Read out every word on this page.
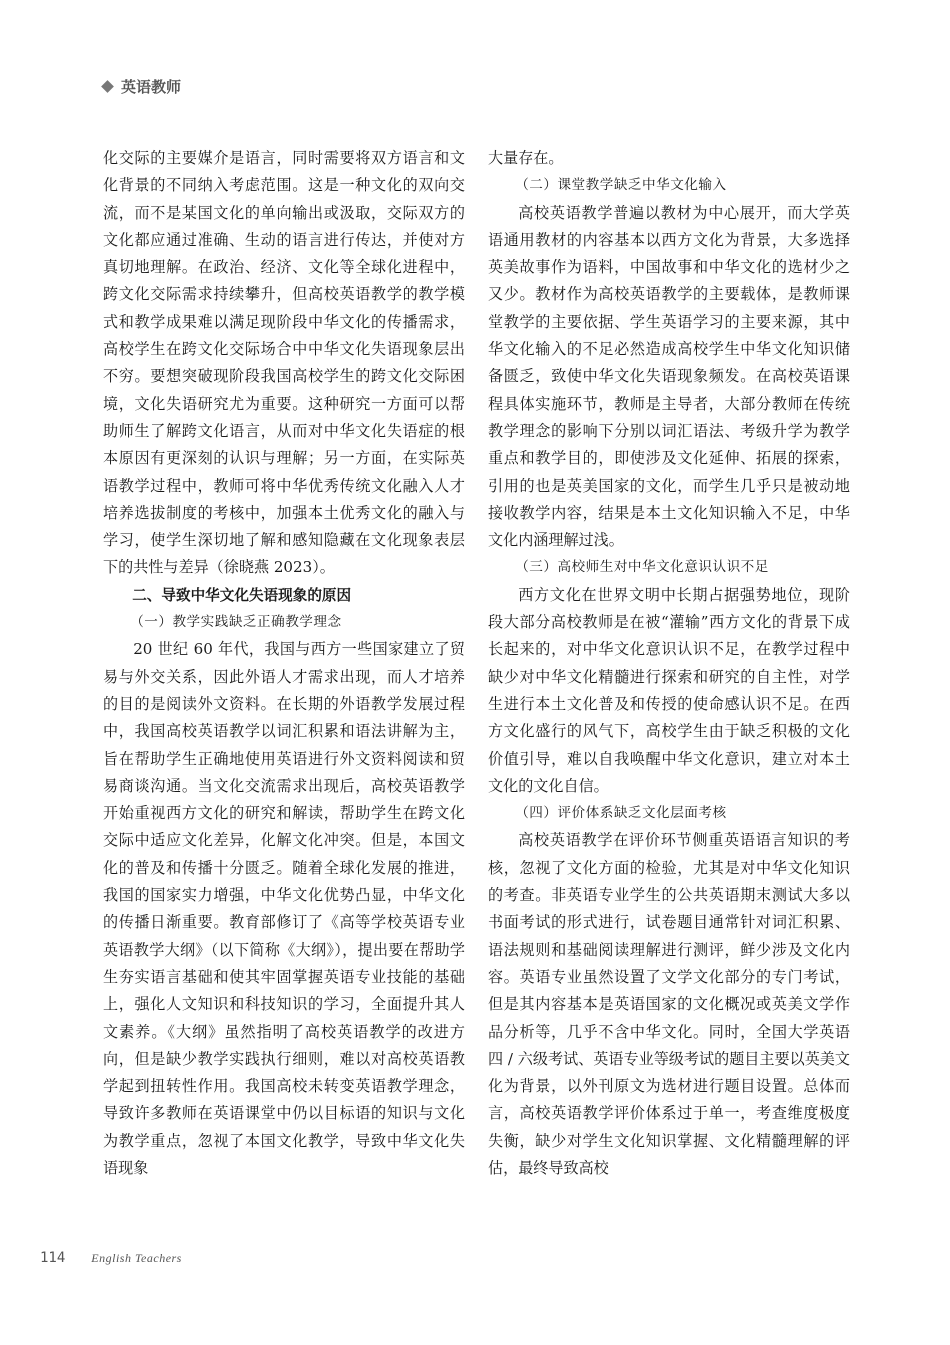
英语教师

化交际的主要媒介是语言，同时需要将双方语言和文化背景的不同纳入考虑范围。这是一种文化的双向交流，而不是某国文化的单向输出或汲取，交际双方的文化都应通过准确、生动的语言进行传达，并使对方真切地理解。在政治、经济、文化等全球化进程中，跨文化交际需求持续攀升，但高校英语教学的教学模式和教学成果难以满足现阶段中华文化的传播需求，高校学生在跨文化交际场合中中华文化失语现象层出不穷。要想突破现阶段我国高校学生的跨文化交际困境，文化失语研究尤为重要。这种研究一方面可以帮助师生了解跨文化语言，从而对中华文化失语症的根本原因有更深刻的认识与理解；另一方面，在实际英语教学过程中，教师可将中华优秀传统文化融入人才培养选拔制度的考核中，加强本土优秀文化的融入与学习，使学生深切地了解和感知隐藏在文化现象表层下的共性与差异（徐晓燕 2023）。

二、导致中华文化失语现象的原因

（一）教学实践缺乏正确教学理念

20 世纪 60 年代，我国与西方一些国家建立了贸易与外交关系，因此外语人才需求出现，而人才培养的目的是阅读外文资料。在长期的外语教学发展过程中，我国高校英语教学以词汇积累和语法讲解为主，旨在帮助学生正确地使用英语进行外文资料阅读和贸易商谈沟通。当文化交流需求出现后，高校英语教学开始重视西方文化的研究和解读，帮助学生在跨文化交际中适应文化差异，化解文化冲突。但是，本国文化的普及和传播十分匮乏。随着全球化发展的推进，我国的国家实力增强，中华文化优势凸显，中华文化的传播日渐重要。教育部修订了《高等学校英语专业英语教学大纲》（以下简称《大纲》），提出要在帮助学生夯实语言基础和使其牢固掌握英语专业技能的基础上，强化人文知识和科技知识的学习，全面提升其人文素养。《大纲》虽然指明了高校英语教学的改进方向，但是缺少教学实践执行细则，难以对高校英语教学起到扭转性作用。我国高校未转变英语教学理念，导致许多教师在英语课堂中仍以目标语的知识与文化为教学重点，忽视了本国文化教学，导致中华文化失语现象

大量存在。

（二）课堂教学缺乏中华文化输入

高校英语教学普遍以教材为中心展开，而大学英语通用教材的内容基本以西方文化为背景，大多选择英美故事作为语料，中国故事和中华文化的选材少之又少。教材作为高校英语教学的主要载体，是教师课堂教学的主要依据、学生英语学习的主要来源，其中华文化输入的不足必然造成高校学生中华文化知识储备匮乏，致使中华文化失语现象频发。在高校英语课程具体实施环节，教师是主导者，大部分教师在传统教学理念的影响下分别以词汇语法、考级升学为教学重点和教学目的，即使涉及文化延伸、拓展的探索，引用的也是英美国家的文化，而学生几乎只是被动地接收教学内容，结果是本土文化知识输入不足，中华文化内涵理解过浅。

（三）高校师生对中华文化意识认识不足

西方文化在世界文明中长期占据强势地位，现阶段大部分高校教师是在被“灌输”西方文化的背景下成长起来的，对中华文化意识认识不足，在教学过程中缺少对中华文化精髓进行探索和研究的自主性，对学生进行本土文化普及和传授的使命感认识不足。在西方文化盛行的风气下，高校学生由于缺乏积极的文化价值引导，难以自我唤醒中华文化意识，建立对本土文化的文化自信。

（四）评价体系缺乏文化层面考核

高校英语教学在评价环节侧重英语语言知识的考核，忽视了文化方面的检验，尤其是对中华文化知识的考查。非英语专业学生的公共英语期末测试大多以书面考试的形式进行，试卷题目通常针对词汇积累、语法规则和基础阅读理解进行测评，鲜少涉及文化内容。英语专业虽然设置了文学文化部分的专门考试，但是其内容基本是英语国家的文化概况或英美文学作品分析等，几乎不含中华文化。同时，全国大学英语四 / 六级考试、英语专业等级考试的题目主要以英美文化为背景，以外刊原文为选材进行题目设置。总体而言，高校英语教学评价体系过于单一，考查维度极度失衡，缺少对学生文化知识掌握、文化精髓理解的评估，最终导致高校

114 English Teachers
